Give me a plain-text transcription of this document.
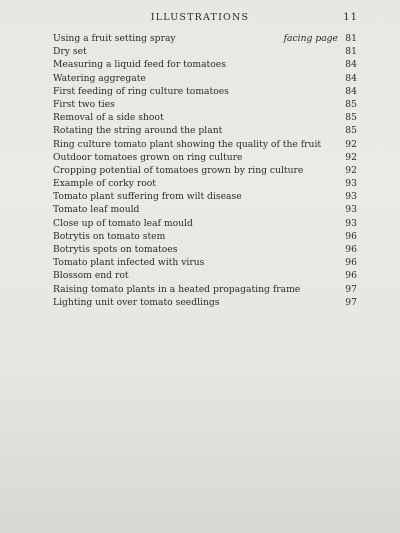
ILLUSTRATIONS	11
Using a fruit setting spray	facing page 81
Dry set	81
Measuring a liquid feed for tomatoes	84
Watering aggregate	84
First feeding of ring culture tomatoes	84
First two ties	85
Removal of a side shoot	85
Rotating the string around the plant	85
Ring culture tomato plant showing the quality of the fruit	92
Outdoor tomatoes grown on ring culture	92
Cropping potential of tomatoes grown by ring culture	92
Example of corky root	93
Tomato plant suffering from wilt disease	93
Tomato leaf mould	93
Close up of tomato leaf mould	93
Botrytis on tomato stem	96
Botrytis spots on tomatoes	96
Tomato plant infected with virus	96
Blossom end rot	96
Raising tomato plants in a heated propagating frame	97
Lighting unit over tomato seedlings	97
